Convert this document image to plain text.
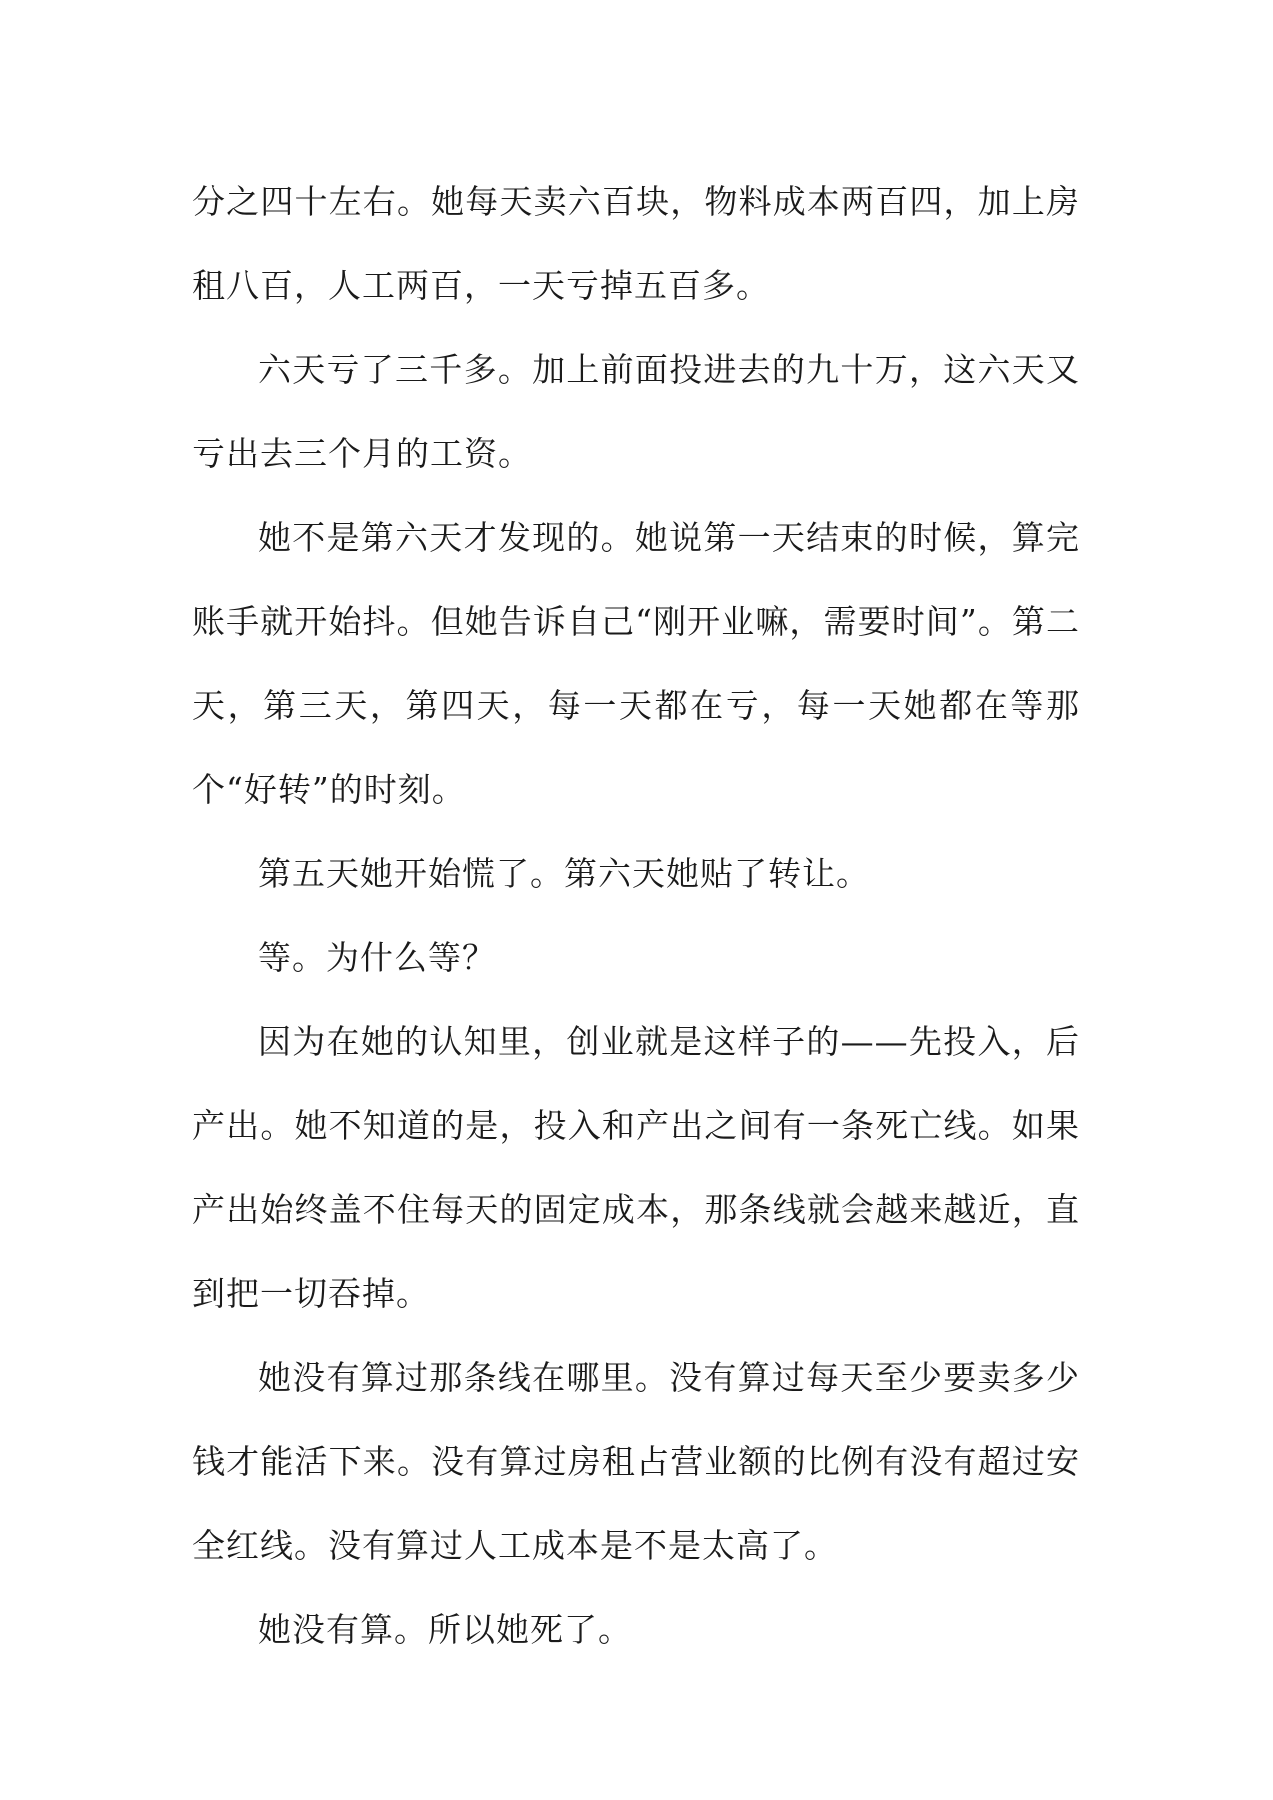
分之四十左右。她每天卖六百块，物料成本两百四，加上房租八百，人工两百，一天亏掉五百多。

六天亏了三千多。加上前面投进去的九十万，这六天又亏出去三个月的工资。

她不是第六天才发现的。她说第一天结束的时候，算完账手就开始抖。但她告诉自己“刚开业嘛，需要时间”。第二天，第三天，第四天，每一天都在亏，每一天她都在等那个“好转”的时刻。

第五天她开始慌了。第六天她贴了转让。

等。为什么等？

因为在她的认知里，创业就是这样子的——先投入，后产出。她不知道的是，投入和产出之间有一条死亡线。如果产出始终盖不住每天的固定成本，那条线就会越来越近，直到把一切吞掉。

她没有算过那条线在哪里。没有算过每天至少要卖多少钱才能活下来。没有算过房租占营业额的比例有没有超过安全红线。没有算过人工成本是不是太高了。

她没有算。所以她死了。
